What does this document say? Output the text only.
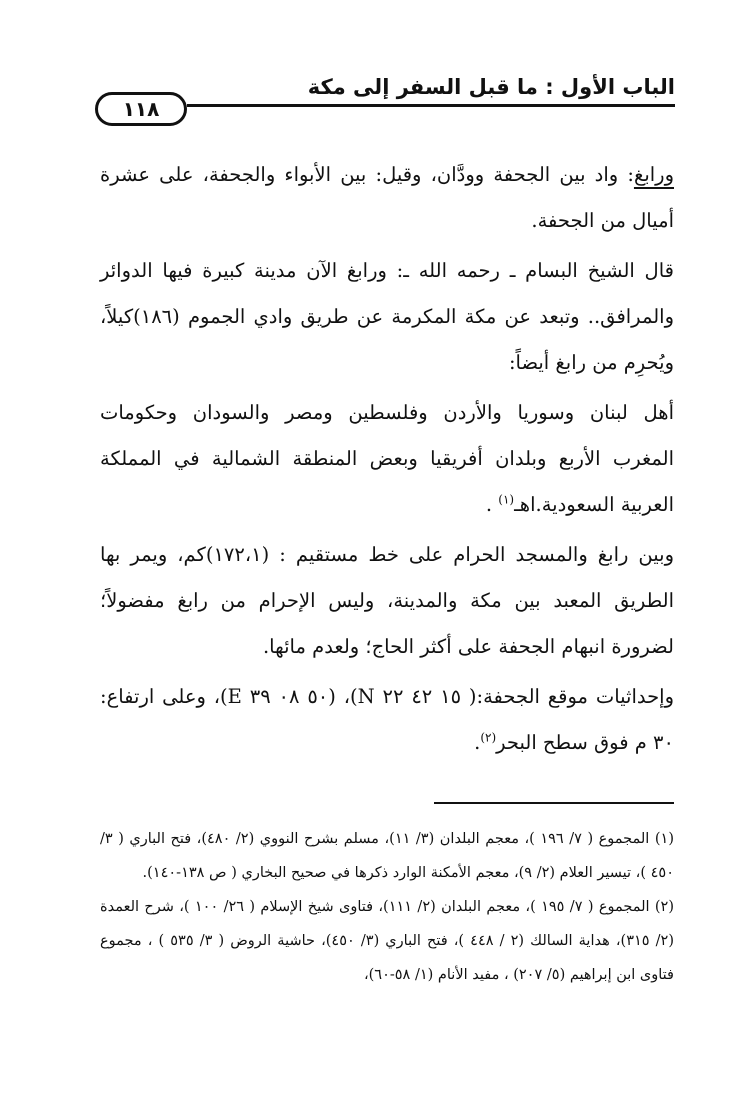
١١٨
الباب الأول : ما قبل السفر إلى مكة

ورابغ: واد بين الجحفة وودَّان، وقيل: بين الأبواء والجحفة، على عشرة أميال من الجحفة.

قال الشيخ البسام ـ رحمه الله ـ: ورابغ الآن مدينة كبيرة فيها الدوائر والمرافق.. وتبعد عن مكة المكرمة عن طريق وادي الجموم (١٨٦)كيلاً، ويُحرِم من رابغ أيضاً:

أهل لبنان وسوريا والأردن وفلسطين ومصر والسودان وحكومات المغرب الأربع وبلدان أفريقيا وبعض المنطقة الشمالية في المملكة العربية السعودية.اهـ$^{(١)}$ .

وبين رابغ والمسجد الحرام على خط مستقيم : (١٧٢،١)كم، ويمر بها الطريق المعبد بين مكة والمدينة، وليس الإحرام من رابغ مفضولاً؛ لضرورة انبهام الجحفة على أكثر الحاج؛ ولعدم مائها.

وإحداثيات موقع الجحفة:( ١٥ ٤٢ ٢٢ N)، (٥٠ ٠٨ ٣٩ E)، وعلى ارتفاع: ٣٠ م فوق سطح البحر$^{(٢)}$.

(١) المجموع ( ٧/ ١٩٦ )، معجم البلدان (٣/ ١١)، مسلم بشرح النووي (٢/ ٤٨٠)، فتح الباري ( ٣/ ٤٥٠ )، تيسير العلام (٢/ ٩)، معجم الأمكنة الوارد ذكرها في صحيح البخاري ( ص ١٣٨-١٤٠).

(٢) المجموع ( ٧/ ١٩٥ )، معجم البلدان (٢/ ١١١)، فتاوى شيخ الإسلام ( ٢٦/ ١٠٠ )، شرح العمدة (٢/ ٣١٥)، هداية السالك (٢ / ٤٤٨ )، فتح الباري (٣/ ٤٥٠)، حاشية الروض ( ٣/ ٥٣٥ ) ، مجموع فتاوى ابن إبراهيم (٥/ ٢٠٧) ، مفيد الأنام (١/ ٥٨-٦٠)،
